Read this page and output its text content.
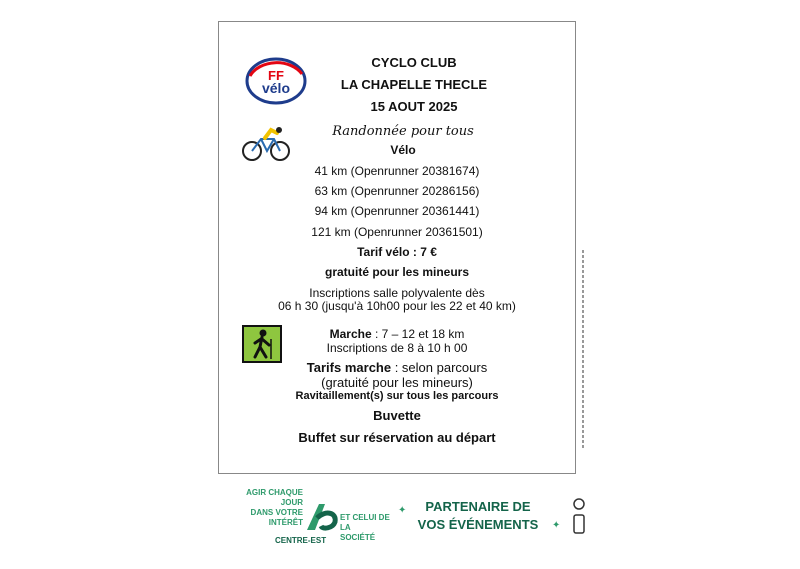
FF
vélo
CYCLO CLUB
LA CHAPELLE THECLE
15 AOUT 2025
Randonnée pour tous
Vélo
41 km (Openrunner 20381674)
63 km (Openrunner 20286156)
94 km (Openrunner 20361441)
121 km (Openrunner 20361501)
Tarif vélo : 7 €
gratuité pour les mineurs
Inscriptions salle polyvalente dès
06 h 30 (jusqu'à 10h00 pour les 22 et 40 km)
Marche : 7 – 12 et 18 km
Inscriptions de 8 à 10 h 00
Tarifs marche : selon parcours
(gratuité pour les mineurs)
Ravitaillement(s) sur tous les parcours
Buvette
Buffet sur réservation au départ
AGIR CHAQUE JOUR
DANS VOTRE
INTÉRÊT
ET CELUI DE LA
SOCIÉTÉ
CENTRE-EST
✦
✦
PARTENAIRE DE
VOS ÉVÉNEMENTS
